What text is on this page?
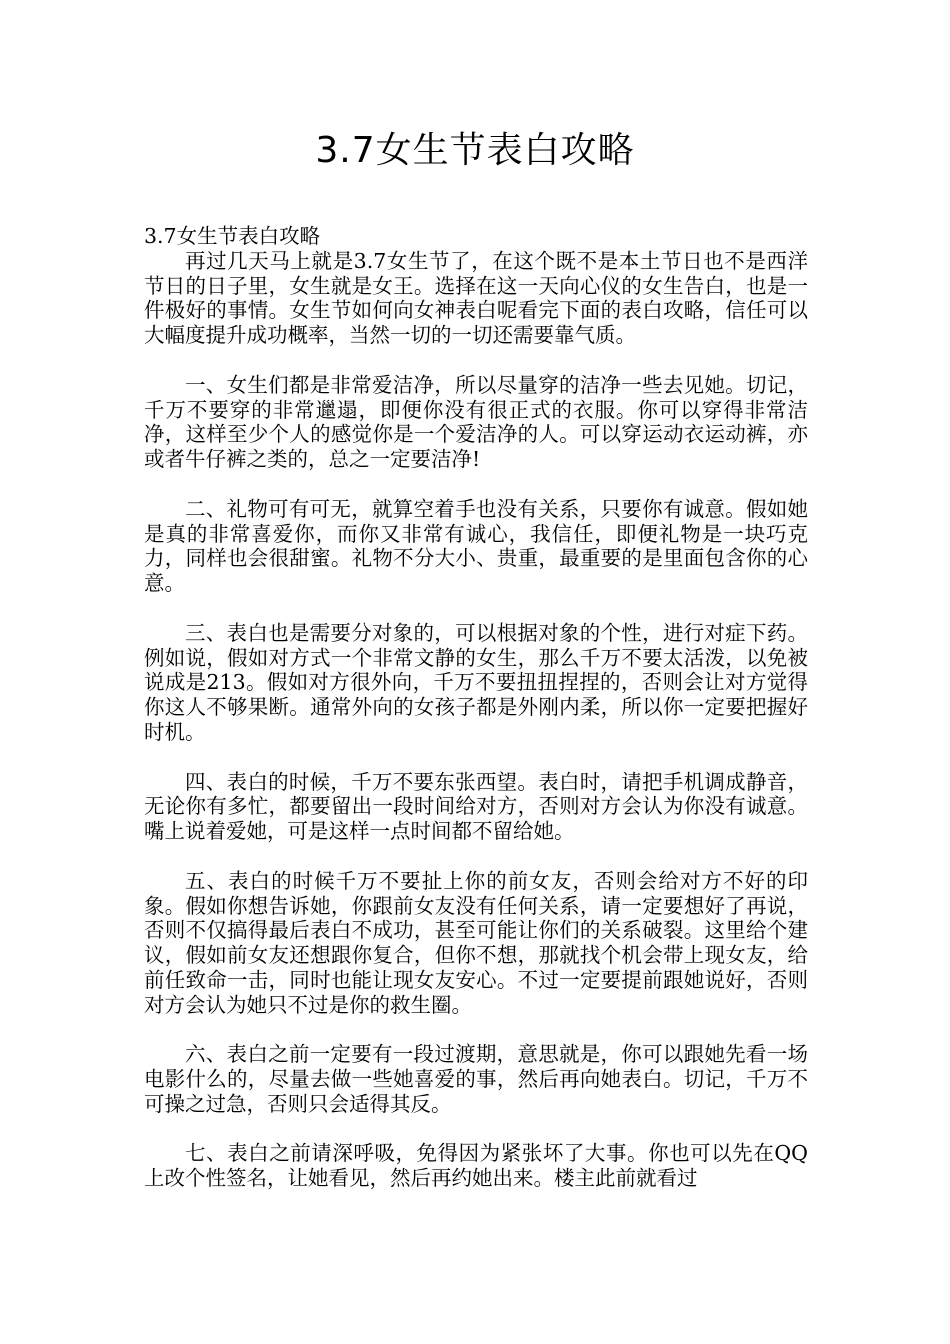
3.7女生节表白攻略
3.7女生节表白攻略

再过几天马上就是3.7女生节了，在这个既不是本土节日也不是西洋节日的日子里，女生就是女王。选择在这一天向心仪的女生告白，也是一件极好的事情。女生节如何向女神表白呢看完下面的表白攻略，信任可以大幅度提升成功概率，当然一切的一切还需要靠气质。

一、女生们都是非常爱洁净，所以尽量穿的洁净一些去见她。切记，千万不要穿的非常邋遢，即便你没有很正式的衣服。你可以穿得非常洁净，这样至少个人的感觉你是一个爱洁净的人。可以穿运动衣运动裤，亦或者牛仔裤之类的，总之一定要洁净!

二、礼物可有可无，就算空着手也没有关系，只要你有诚意。假如她是真的非常喜爱你，而你又非常有诚心，我信任，即便礼物是一块巧克力，同样也会很甜蜜。礼物不分大小、贵重，最重要的是里面包含你的心意。

三、表白也是需要分对象的，可以根据对象的个性，进行对症下药。例如说，假如对方式一个非常文静的女生，那么千万不要太活泼，以免被说成是213。假如对方很外向，千万不要扭扭捏捏的，否则会让对方觉得你这人不够果断。通常外向的女孩子都是外刚内柔，所以你一定要把握好时机。

四、表白的时候，千万不要东张西望。表白时，请把手机调成静音，无论你有多忙，都要留出一段时间给对方，否则对方会认为你没有诚意。嘴上说着爱她，可是这样一点时间都不留给她。

五、表白的时候千万不要扯上你的前女友，否则会给对方不好的印象。假如你想告诉她，你跟前女友没有任何关系，请一定要想好了再说，否则不仅搞得最后表白不成功，甚至可能让你们的关系破裂。这里给个建议，假如前女友还想跟你复合，但你不想，那就找个机会带上现女友，给前任致命一击，同时也能让现女友安心。不过一定要提前跟她说好，否则对方会认为她只不过是你的救生圈。

六、表白之前一定要有一段过渡期，意思就是，你可以跟她先看一场电影什么的，尽量去做一些她喜爱的事，然后再向她表白。切记，千万不可操之过急，否则只会适得其反。

七、表白之前请深呼吸，免得因为紧张坏了大事。你也可以先在QQ上改个性签名，让她看见，然后再约她出来。楼主此前就看过
